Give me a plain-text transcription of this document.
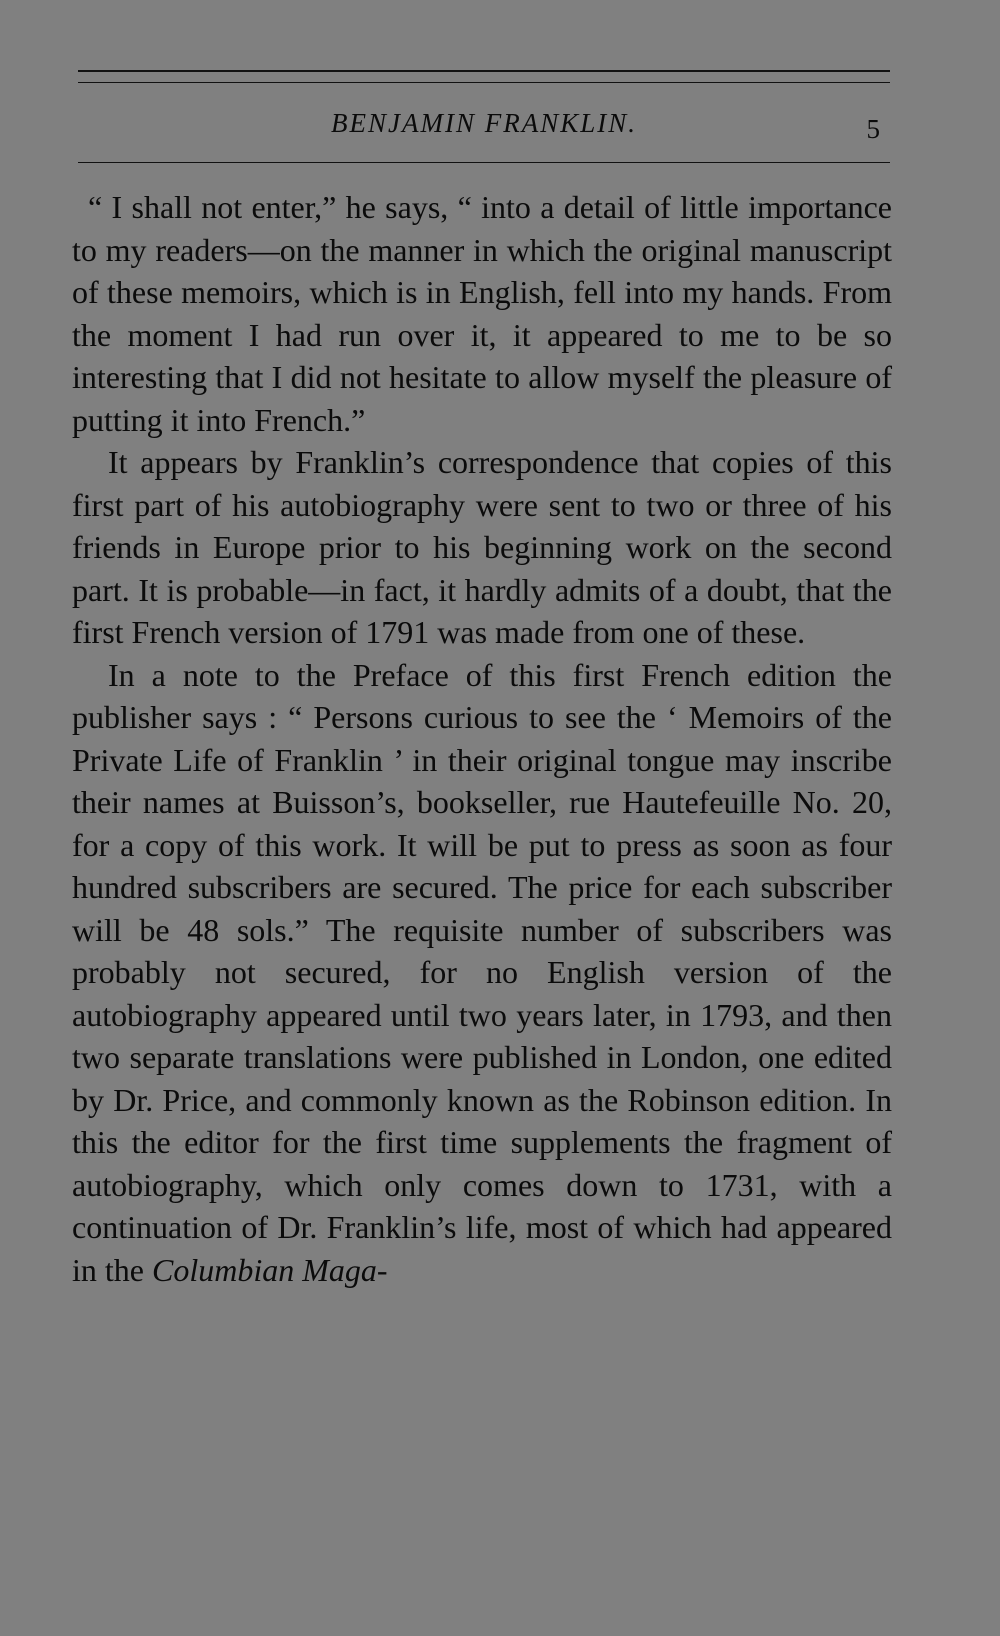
BENJAMIN FRANKLIN.	5

“ I shall not enter,” he says, “ into a detail of little importance to my readers—on the manner in which the original manuscript of these memoirs, which is in English, fell into my hands. From the moment I had run over it, it appeared to me to be so interesting that I did not hesitate to allow myself the pleasure of putting it into French.”

It appears by Franklin’s correspondence that copies of this first part of his autobiography were sent to two or three of his friends in Europe prior to his beginning work on the second part. It is probable—in fact, it hardly admits of a doubt, that the first French version of 1791 was made from one of these.

In a note to the Preface of this first French edition the publisher says : “ Persons curious to see the ‘ Memoirs of the Private Life of Franklin ’ in their original tongue may inscribe their names at Buisson’s, bookseller, rue Hautefeuille No. 20, for a copy of this work. It will be put to press as soon as four hundred subscribers are secured. The price for each subscriber will be 48 sols.” The requisite number of subscribers was probably not secured, for no English version of the autobiography appeared until two years later, in 1793, and then two separate translations were published in London, one edited by Dr. Price, and commonly known as the Robinson edition. In this the editor for the first time supplements the fragment of autobiography, which only comes down to 1731, with a continuation of Dr. Franklin’s life, most of which had appeared in the Columbian Maga-
